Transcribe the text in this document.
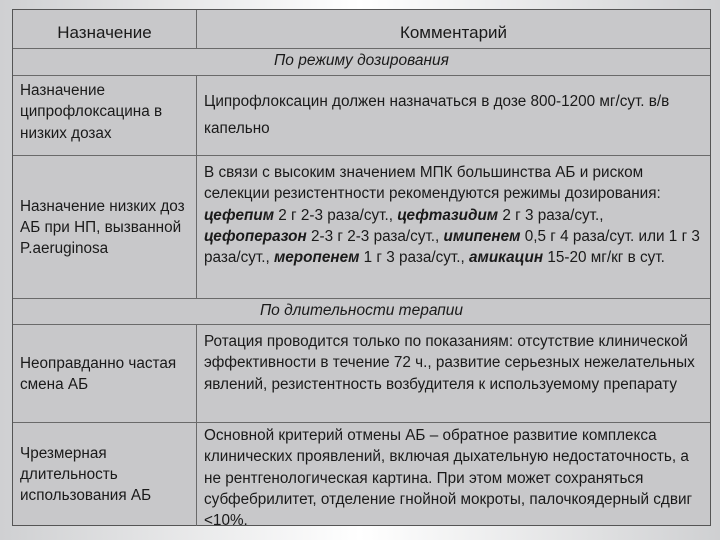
Назначение	Комментарий
По режиму дозирования
Назначение ципрофлоксацина в низких дозах
Ципрофлоксацин должен назначаться в дозе 800-1200 мг/сут. в/в капельно
Назначение низких доз АБ при НП, вызванной P.aeruginosa
В связи с высоким значением МПК большинства АБ и риском селекции резистентности рекомендуются режимы дозирования: цефепим 2 г 2-3 раза/сут., цефтазидим 2 г 3 раза/сут., цефоперазон 2-3 г 2-3 раза/сут., имипенем 0,5 г 4 раза/сут. или 1 г 3 раза/сут., меропенем 1 г 3 раза/сут., амикацин 15-20 мг/кг в сут.
По длительности терапии
Неоправданно частая смена АБ
Ротация проводится только по показаниям: отсутствие клинической эффективности в течение 72 ч., развитие серьезных нежелательных явлений, резистентность возбудителя к используемому препарату
Чрезмерная длительность использования АБ
Основной критерий отмены АБ – обратное развитие комплекса клинических проявлений, включая дыхательную недостаточность, а не рентгенологическая картина. При этом может сохраняться субфебрилитет, отделение гнойной мокроты, палочкоядерный сдвиг <10%.
